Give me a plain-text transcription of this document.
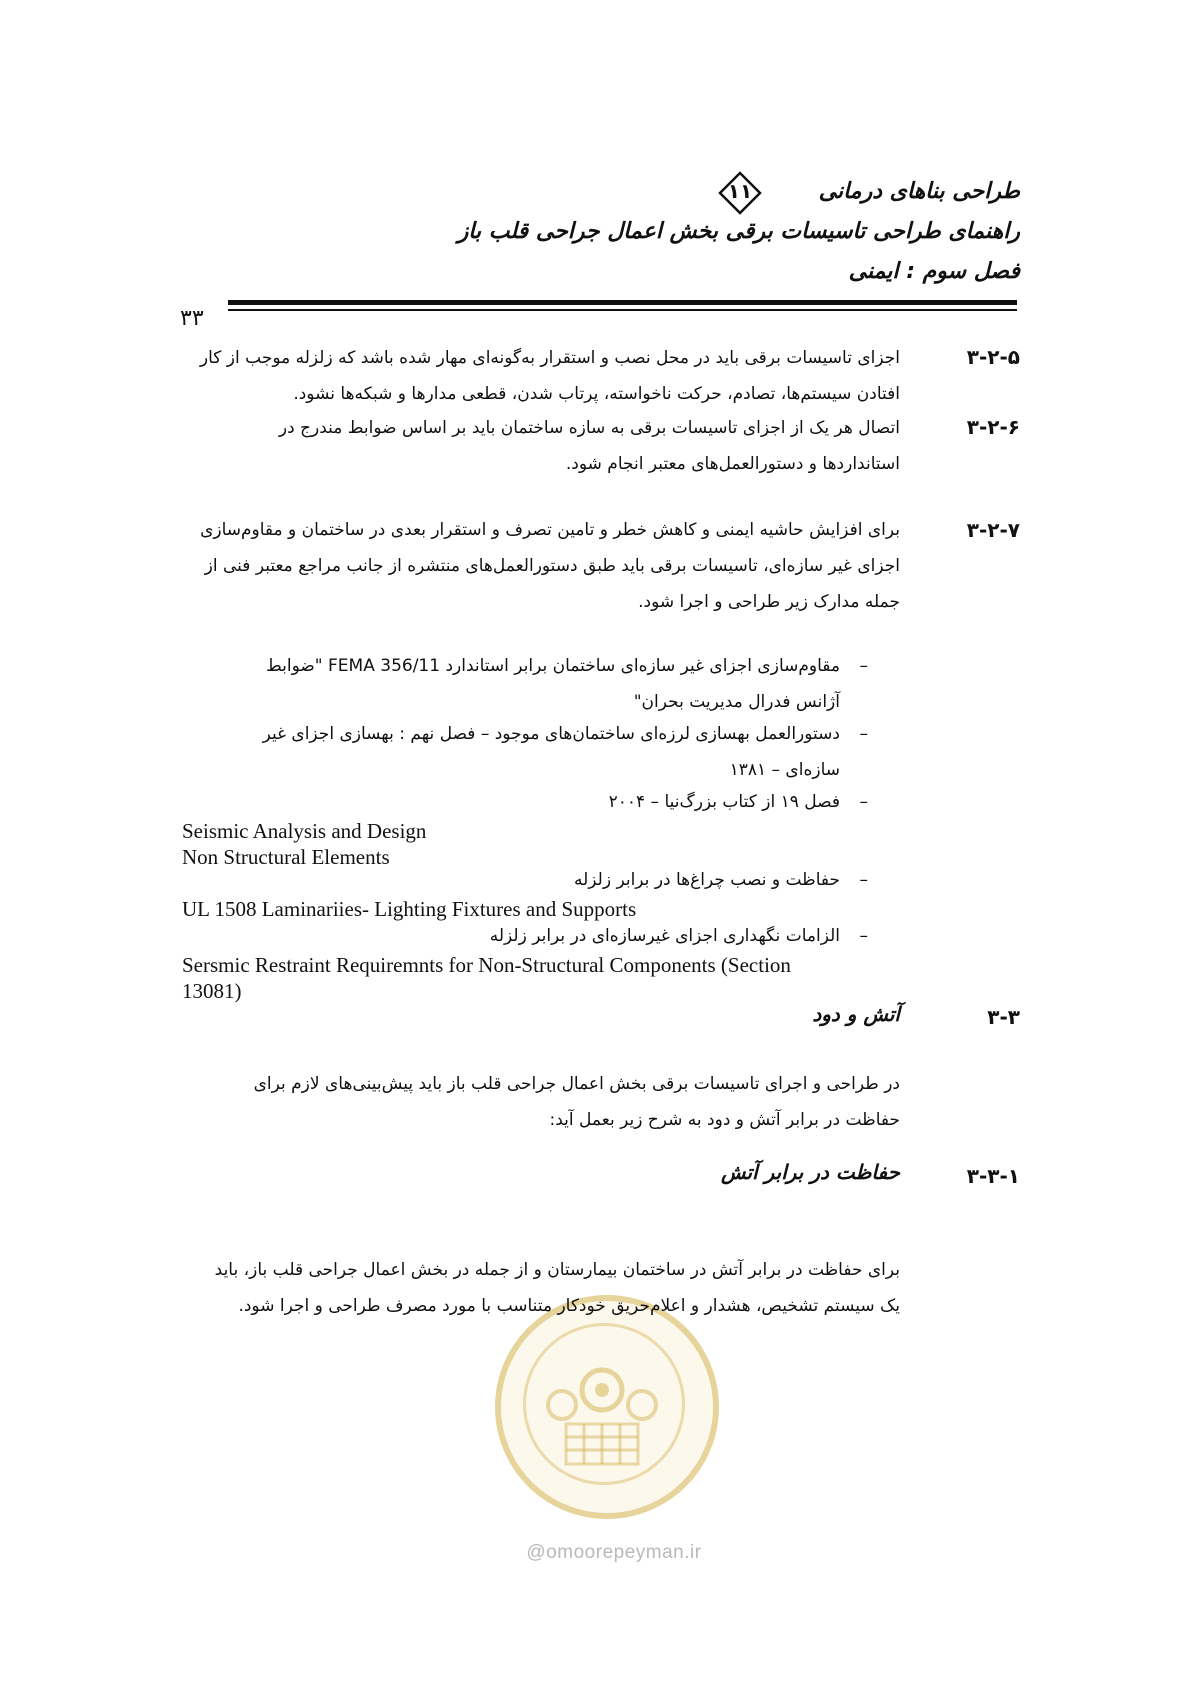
طراحی بناهای درمانی
۱۱
راهنمای طراحی تاسیسات برقی بخش اعمال جراحی قلب باز
فصل سوم : ایمنی
۳۳
۳-۲-۵
اجزای تاسیسات برقی باید در محل نصب و استقرار به‌گونه‌ای مهار شده باشد که زلزله موجب از کار
افتادن سیستم‌ها، تصادم، حرکت ناخواسته، پرتاب شدن، قطعی مدارها و شبکه‌ها نشود.
۳-۲-۶
اتصال هر یک از اجزای تاسیسات برقی به سازه ساختمان باید بر اساس ضوابط مندرج در
استانداردها و دستورالعمل‌های معتبر انجام شود.
۳-۲-۷
برای افزایش حاشیه ایمنی و کاهش خطر و تامین تصرف و استقرار بعدی در ساختمان و مقاوم‌سازی
اجزای غیر سازه‌ای، تاسیسات برقی باید طبق دستورالعمل‌های منتشره از جانب مراجع معتبر فنی از
جمله مدارک زیر طراحی و اجرا شود.
– مقاوم‌سازی اجزای غیر سازه‌ای ساختمان برابر استاندارد FEMA 356/11 "ضوابط
آژانس فدرال مدیریت بحران"
– دستورالعمل بهسازی لرزه‌ای ساختمان‌های موجود – فصل نهم : بهسازی اجزای غیر
سازه‌ای – ۱۳۸۱
– فصل ۱۹ از کتاب بزرگ‌نیا – ۲۰۰۴
Seismic Analysis and Design
Non Structural Elements
– حفاظت و نصب چراغ‌ها در برابر زلزله
UL 1508 Laminariies- Lighting Fixtures and Supports
– الزامات نگهداری اجزای غیرسازه‌ای در برابر زلزله
Sersmic Restraint Requiremnts for Non-Structural Components (Section
13081)
۳-۳
آتش و دود
در طراحی و اجرای تاسیسات برقی بخش اعمال جراحی قلب باز باید پیش‌بینی‌های لازم برای
حفاظت در برابر آتش و دود به شرح زیر بعمل آید:
۳-۳-۱
حفاظت در برابر آتش
برای حفاظت در برابر آتش در ساختمان بیمارستان و از جمله در بخش اعمال جراحی قلب باز، باید
یک سیستم تشخیص، هشدار و اعلام‌حریق خودکار متناسب با مورد مصرف طراحی و اجرا شود.
@omoorepeyman.ir
